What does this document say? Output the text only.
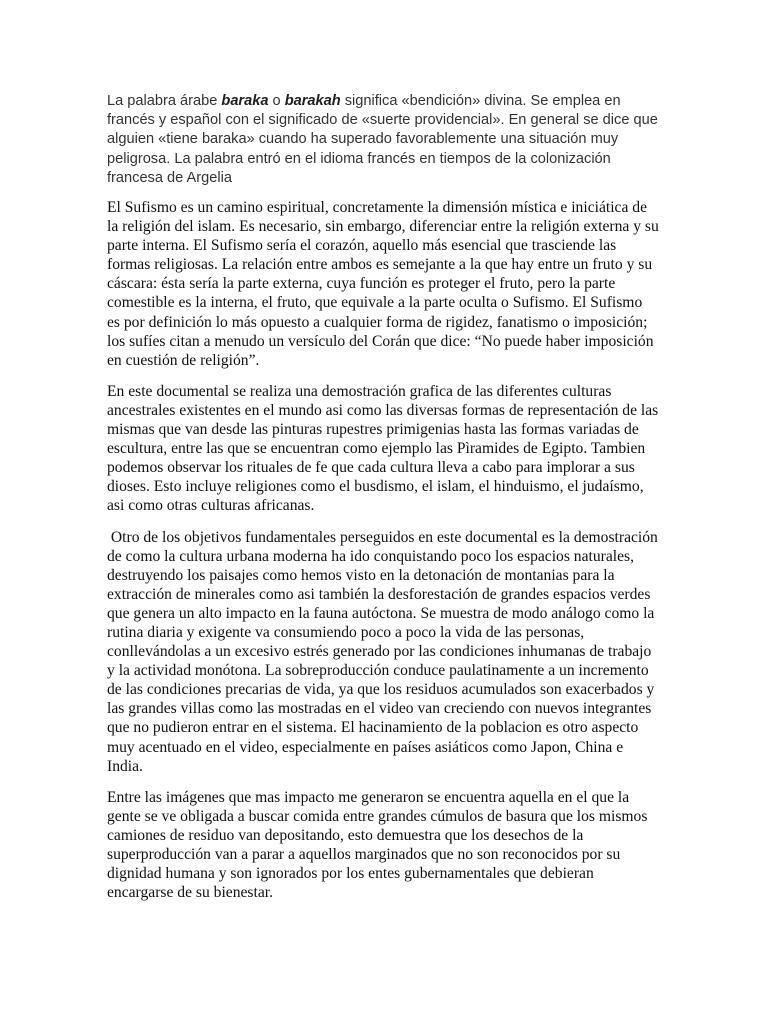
La palabra árabe baraka o barakah significa «bendición» divina. Se emplea en francés y español con el significado de «suerte providencial». En general se dice que alguien «tiene baraka» cuando ha superado favorablemente una situación muy peligrosa. La palabra entró en el idioma francés en tiempos de la colonización francesa de Argelia

El Sufismo es un camino espiritual, concretamente la dimensión mística e iniciática de la religión del islam. Es necesario, sin embargo, diferenciar entre la religión externa y su parte interna. El Sufismo sería el corazón, aquello más esencial que trasciende las formas religiosas. La relación entre ambos es semejante a la que hay entre un fruto y su cáscara: ésta sería la parte externa, cuya función es proteger el fruto, pero la parte comestible es la interna, el fruto, que equivale a la parte oculta o Sufismo. El Sufismo es por definición lo más opuesto a cualquier forma de rigidez, fanatismo o imposición; los sufíes citan a menudo un versículo del Corán que dice: “No puede haber imposición en cuestión de religión”.

En este documental se realiza una demostración grafica de las diferentes culturas ancestrales existentes en el mundo asi como las diversas formas de representación de las mismas que van desde las pinturas rupestres primigenias hasta las formas variadas de escultura, entre las que se encuentran como ejemplo las Pìramides de Egipto. Tambien podemos observar los rituales de fe que cada cultura lleva a cabo para implorar a sus dioses. Esto incluye religiones como el busdismo, el islam, el hinduismo, el judaísmo, asi como otras culturas africanas.

Otro de los objetivos fundamentales perseguidos en este documental es la demostración de como la cultura urbana moderna ha ido conquistando poco los espacios naturales, destruyendo los paisajes como hemos visto en la detonación de montanias para la extracción de minerales como asi también la desforestación de grandes espacios verdes que genera un alto impacto en la fauna autóctona. Se muestra de modo análogo como la rutina diaria y exigente va consumiendo poco a poco la vida de las personas, conllevándolas a un excesivo estrés generado por las condiciones inhumanas de trabajo y la actividad monótona. La sobreproducción conduce paulatinamente a un incremento de las condiciones precarias de vida, ya que los residuos acumulados son exacerbados y las grandes villas como las mostradas en el video van creciendo con nuevos integrantes que no pudieron entrar en el sistema. El hacinamiento de la poblacion es otro aspecto muy acentuado en el video, especialmente en países asiáticos como Japon, China e India.

Entre las imágenes que mas impacto me generaron se encuentra aquella en el que la gente se ve obligada a buscar comida entre grandes cúmulos de basura que los mismos camiones de residuo van depositando, esto demuestra que los desechos de la superproducción van a parar a aquellos marginados que no son reconocidos por su dignidad humana y son ignorados por los entes gubernamentales que debieran encargarse de su bienestar.
